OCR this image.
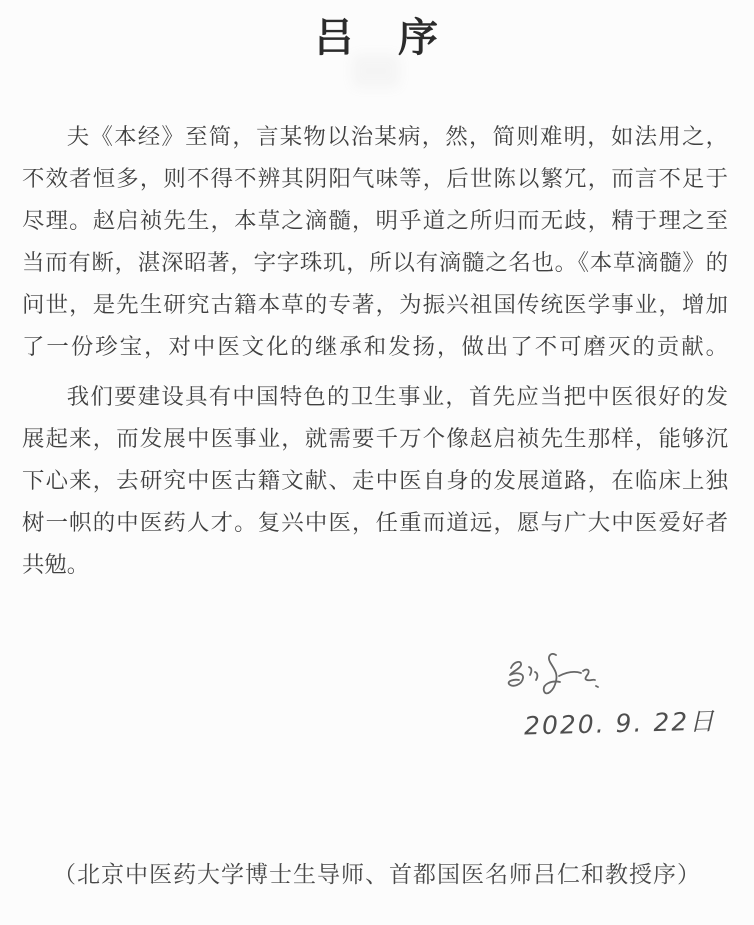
吕　序
夫《本经》至简，言某物以治某病，然，简则难明，如法用之，
不效者恒多，则不得不辨其阴阳气味等，后世陈以繁冗，而言不足于
尽理。赵启祯先生，本草之滴髓，明乎道之所归而无歧，精于理之至
当而有断，湛深昭著，字字珠玑，所以有滴髓之名也。《本草滴髓》的
问世，是先生研究古籍本草的专著，为振兴祖国传统医学事业，增加
了一份珍宝，对中医文化的继承和发扬，做出了不可磨灭的贡献。
我们要建设具有中国特色的卫生事业，首先应当把中医很好的发
展起来，而发展中医事业，就需要千万个像赵启祯先生那样，能够沉
下心来，去研究中医古籍文献、走中医自身的发展道路，在临床上独
树一帜的中医药人才。复兴中医，任重而道远，愿与广大中医爱好者
共勉。
2020. 9. 22日
（北京中医药大学博士生导师、首都国医名师吕仁和教授序）
